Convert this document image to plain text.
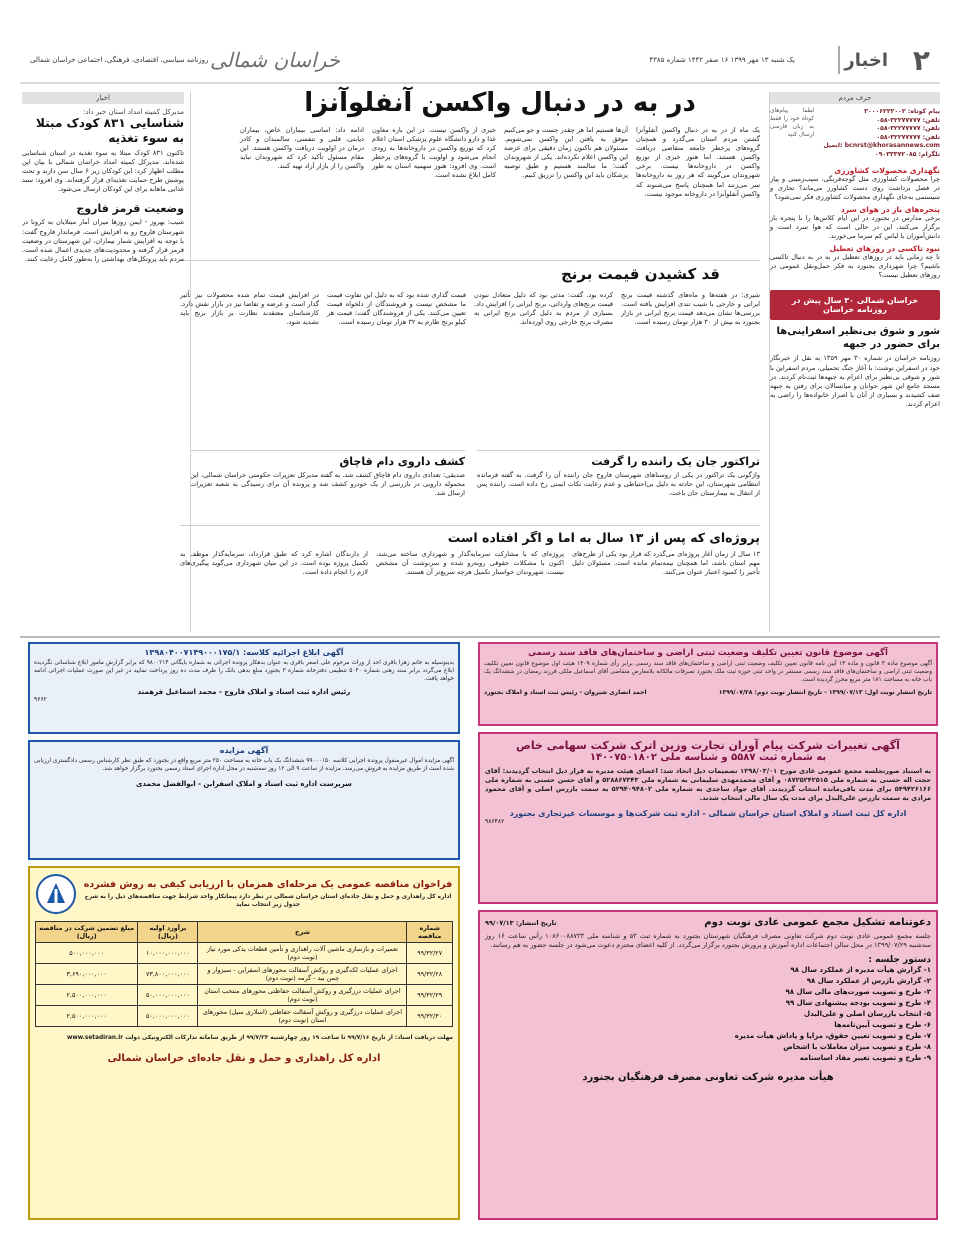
۲
اخبار
یک شنبه ۱۳ مهر ۱۳۹۹ ۱۶ صفر ۱۴۴۲ شماره ۴۳۸۵
خراسان شمالی
روزنامه سیاسی، اقتصادی، فرهنگی، اجتماعی خراسان شمالی
حرف مردم
پیام کوتاه: ۳۰۰۰۶۲۲۲۰۰۲
تلفن: ۳۲۲۷۷۷۷۷-۰۵۸
تلفن: ۳۲۲۷۷۷۷۷-۰۵۸
تلفن: ۳۲۲۷۷۷۷۷-۰۵۸
ایمیل: bcnrst@khorasannews.com
تلگرام: ۰۹۰۳۳۳۷۲۰۸۵
لطفا پیام‌های کوتاه خود را فقط به زبان فارسی ارسال کنید
نگهداری محصولات کشاورزی
چرا محصولات کشاورزی مثل گوجه‌فرنگی، سیب‌زمینی و پیاز در فصل برداشت روی دست کشاورز می‌ماند؟ تجاری و سیستمی به‌جای نگهداری محصولات کشاورزی فکر نمی‌شود؟
پنجره‌های باز در هوای سرد
برخی مدارس در بجنورد در این ایام کلاس‌ها را با پنجره باز برگزار می‌کنند. این در حالی است که هوا سرد است و دانش‌آموزان با لباس کم سرما می‌خورند.
نبود تاکسی در روزهای تعطیل
تا چه زمانی باید در روزهای تعطیل در به در به دنبال تاکسی باشیم؟ چرا شهرداری بجنورد به فکر حمل‌ونقل عمومی در روزهای تعطیل نیست؟
خراسان شمالی ۳۰ سال پیش در روزنامه خراسان
شور و شوق بی‌نظیر اسفراینی‌ها برای حضور در جبهه
روزنامه خراسان در شماره ۳۰ مهر ۱۳۵۹ به نقل از خبرنگار خود در اسفراین نوشت: با آغاز جنگ تحمیلی، مردم اسفراین با شور و شوقی بی‌نظیر برای اعزام به جبهه‌ها ثبت‌نام کردند. در مسجد جامع این شهر جوانان و میانسالان برای رفتن به جبهه صف کشیدند و بسیاری از آنان با اصرار خانواده‌ها را راضی به اعزام کردند.
در به در دنبال واکسن آنفلوآنزا
یک ماه از در به در دنبال واکسن آنفلوآنزا گشتن مردم استان می‌گذرد و همچنان گروه‌های پرخطر جامعه متقاضی دریافت واکسن هستند. اما هنوز خبری از توزیع واکسن در داروخانه‌ها نیست. برخی شهروندان می‌گویند که هر روز به داروخانه‌ها سر می‌زنند اما همچنان پاسخ می‌شنوند که واکسن آنفلوآنزا در داروخانه موجود نیست.
آن‌ها هستیم اما هر چقدر جست و جو می‌کنیم موفق به یافتن این واکسن نمی‌شویم. مسئولان هم تاکنون زمان دقیقی برای عرضه این واکسن اعلام نکرده‌اند. یکی از شهروندان گفت: ما سالمند هستیم و طبق توصیه پزشکان باید این واکسن را تزریق کنیم.
خبری از واکسن نیست. در این باره معاون غذا و دارو دانشگاه علوم پزشکی استان اعلام کرد که توزیع واکسن در داروخانه‌ها به زودی انجام می‌شود و اولویت با گروه‌های پرخطر است. وی افزود: هنوز سهمیه استان به طور کامل ابلاغ نشده است.
ادامه داد: اساسی بیماران خاص، بیماران دیابتی، قلبی و تنفسی، سالمندان و کادر درمان در اولویت دریافت واکسن هستند. این مقام مسئول تأکید کرد که شهروندان نباید واکسن را از بازار آزاد تهیه کنند.
قد کشیدن قیمت برنج
شیری: در هفته‌ها و ماه‌های گذشته قیمت برنج ایرانی و خارجی با شیب تندی افزایش یافته است. بررسی‌ها نشان می‌دهد قیمت برنج ایرانی در بازار بجنورد به بیش از ۳۰ هزار تومان رسیده است.
کرده بود. گفت: مدتی بود که دلیل متعادل نبودن قیمت برنج‌های وارداتی، برنج ایرانی را افزایش داد. بسیاری از مردم به دلیل گرانی برنج ایرانی به مصرف برنج خارجی روی آورده‌اند.
قیمت گذاری شده بود که به دلیل این تفاوت قیمت ما مشخص نیست و فروشندگان از دلخواه قیمت تعیین می‌کنند. یکی از فروشندگان گفت: قیمت هر کیلو برنج طارم به ۳۲ هزار تومان رسیده است.
در افزایش قیمت تمام شده محصولات نیز تأثیر گذار است و عرضه و تقاضا نیز در بازار نقش دارد. کارشناسان معتقدند نظارت بر بازار برنج باید تشدید شود.
تراکتور جان یک راننده را گرفت
واژگونی یک تراکتور در یکی از روستاهای شهرستان فاروج جان راننده آن را گرفت. به گفته فرمانده انتظامی شهرستان، این حادثه به دلیل بی‌احتیاطی و عدم رعایت نکات ایمنی رخ داده است. راننده پس از انتقال به بیمارستان جان باخت.
کشف داروی دام قاچاق
صدیقی: تعدادی داروی دام قاچاق کشف شد. به گفته مدیرکل تعزیرات حکومتی خراسان شمالی، این محموله دارویی در بازرسی از یک خودرو کشف شد و پرونده آن برای رسیدگی به شعبه تعزیرات ارسال شد.
پروژه‌ای که پس از ۱۳ سال به اما و اگر افتاده است
۱۳ سال از زمان آغاز پروژه‌ای می‌گذرد که قرار بود یکی از طرح‌های مهم استان باشد، اما همچنان نیمه‌تمام مانده است. مسئولان دلیل تأخیر را کمبود اعتبار عنوان می‌کنند.
پروژه‌ای که با مشارکت سرمایه‌گذار و شهرداری ساخته می‌شد، اکنون با مشکلات حقوقی روبه‌رو شده و سرنوشت آن مشخص نیست. شهروندان خواستار تکمیل هرچه سریع‌تر آن هستند.
از دارندگان اشاره کرد که طبق قرارداد، سرمایه‌گذار موظف به تکمیل پروژه بوده است. در این میان شهرداری می‌گوید پیگیری‌های لازم را انجام داده است.
اخبار
مدیرکل کمیته امداد استان خبر داد:
شناسایی ۸۳۱ کودک مبتلا به سوء تغذیه
تاکنون ۸۳۱ کودک مبتلا به سوء تغذیه در استان شناسایی شده‌اند. مدیرکل کمیته امداد خراسان شمالی با بیان این مطلب اظهار کرد: این کودکان زیر ۶ سال سن دارند و تحت پوشش طرح حمایت تغذیه‌ای قرار گرفته‌اند. وی افزود: سبد غذایی ماهانه برای این کودکان ارسال می‌شود.
وضعیت قرمز فاروج
شیب: بهروز - ایمن روزها میزان آمار مبتلایان به کرونا در شهرستان فاروج رو به افزایش است. فرماندار فاروج گفت: با توجه به افزایش شمار بیماران، این شهرستان در وضعیت قرمز قرار گرفته و محدودیت‌های جدیدی اعمال شده است. مردم باید پروتکل‌های بهداشتی را به‌طور کامل رعایت کنند.
آگهی ابلاغ اجرائیه کلاسه: ۱۳۹۸۰۴۰۰۷۱۴۹۰۰۰۱۷۵/۱
بدینوسیله به خانم زهرا باقری احد از وراث مرحوم علی اصغر باقری به عنوان بدهکار پرونده اجرائی به شماره بایگانی ۹۸۰۰۲۱۴ که برابر گزارش مامور ابلاغ شناسائی نگردیده ابلاغ می‌گردد برابر سند رهنی شماره ۵۰۴۰ تنظیمی دفترخانه شماره ۳ بجنورد مبلغ بدهی بانک را ظرف مدت ده روز پرداخت نمایید در غیر این صورت عملیات اجرائی ادامه خواهد یافت.
رئیس اداره ثبت اسناد و املاک فاروج - محمد اسماعیل فرهمند
۹۶۶۲
آگهی مزایده
آگهی مزایده اموال غیرمنقول پرونده اجرایی کلاسه ۹۹۰۰۰۱۵۰ ششدانگ یک باب خانه به مساحت ۲۵۰ متر مربع واقع در بجنورد که طبق نظر کارشناس رسمی دادگستری ارزیابی شده است از طریق مزایده به فروش می‌رسد. مزایده از ساعت ۹ الی ۱۲ روز سه‌شنبه در محل اداره اجرای اسناد رسمی بجنورد برگزار خواهد شد.
سرپرست اداره ثبت اسناد و املاک اسفراین - ابوالفضل محمدی
فراخوان مناقصه عمومی یک مرحله‌ای همزمان با ارزیابی کیفی به روش فشرده
اداره کل راهداری و حمل و نقل جاده‌ای استان خراسان شمالی در نظر دارد پیمانکار واجد شرایط جهت مناقصه‌های ذیل را به شرح جدول زیر انتخاب نماید
شماره مناقصه	شرح	برآورد اولیه (ریال)	مبلغ تضمین شرکت در مناقصه (ریال)
۹۹/۳۲/۲۷	تعمیرات و بازسازی ماشین آلات راهداری و تأمین قطعات یدکی مورد نیاز (نوبت دوم)	۱۰,۰۰۰,۰۰۰,۰۰۰	۵۰۰,۰۰۰,۰۰۰
۹۹/۳۲/۲۸	اجرای عملیات لکه‌گیری و روکش آسفالت محورهای اسفراین - سبزوار و چمن بید - گرمه (نوبت دوم)	۷۳,۸۰۰,۰۰۰,۰۰۰	۳,۶۹۰,۰۰۰,۰۰۰
۹۹/۳۲/۲۹	اجرای عملیات درزگیری و روکش آسفالت حفاظتی محورهای منتخب استان (نوبت دوم)	۵۰,۰۰۰,۰۰۰,۰۰۰	۲,۵۰۰,۰۰۰,۰۰۰
۹۹/۳۲/۳۰	اجرای عملیات درزگیری و روکش آسفالت حفاظتی (اسلاری سیل) محورهای استان (نوبت دوم)	۵۰,۰۰۰,۰۰۰,۰۰۰	۲,۵۰۰,۰۰۰,۰۰۰
مهلت دریافت اسناد: از تاریخ ۹۹/۷/۱۶ تا ساعت ۱۹ روز چهارشنبه ۹۹/۷/۲۳ از طریق سامانه تدارکات الکترونیکی دولت www.setadiran.ir
اداره کل راهداری و حمل و نقل جاده‌ای خراسان شمالی
آگهی موضوع قانون تعیین تکلیف وضعیت ثبتی اراضی و ساختمان‌های فاقد سند رسمی
آگهی موضوع ماده ۳ قانون و ماده ۱۳ آیین نامه قانون تعیین تکلیف وضعیت ثبتی اراضی و ساختمان‌های فاقد سند رسمی برابر رأی شماره ۱۴۰۹ هیئت اول موضوع قانون تعیین تکلیف وضعیت ثبتی اراضی و ساختمان‌های فاقد سند رسمی مستقر در واحد ثبتی حوزه ثبت ملک بجنورد تصرفات مالکانه بلامعارض متقاضی آقای اسماعیل ملکی فرزند رمضان در ششدانگ یک باب خانه به مساحت ۱۸۱ متر مربع محرز گردیده است.
تاریخ انتشار نوبت اول: ۱۳۹۹/۰۷/۱۳ - تاریخ انتشار نوبت دوم: ۱۳۹۹/۰۷/۲۸
احمد انصاری شیروان - رئیس ثبت اسناد و املاک بجنورد
آگهی تغییرات شرکت پیام آوران تجارت وزین اترک شرکت سهامی خاص
به شماره ثبت ۵۵۸۷ و شناسه ملی ۱۴۰۰۷۵۰۱۸۰۲
به استناد صورتجلسه مجمع عمومی عادی مورخ ۱۳۹۸/۰۳/۰۱ تصمیمات ذیل اتخاذ شد: اعضای هیئت مدیره به قرار ذیل انتخاب گردیدند: آقای حجت اله حسنی به شماره ملی ۰۸۷۲۵۲۴۲۵۱۵ و آقای محمدمهدی سلیمانی به شماره ملی ۵۲۸۸۶۷۳۴۳ و آقای حسن حسنی به شماره ملی ۵۴۹۴۲۶۱۶۶ برای مدت باقی‌مانده انتخاب گردیدند. آقای جواد ساجدی به شماره ملی ۵۲۹۴۰۹۴۸۰۲ به سمت بازرس اصلی و آقای محمود مرادی به سمت بازرس علی‌البدل برای مدت یک سال مالی انتخاب شدند.
اداره کل ثبت اسناد و املاک استان خراسان شمالی - اداره ثبت شرکت‌ها و موسسات غیرتجاری بجنورد
۹۸۶۴۸۲
دعوتنامه تشکیل مجمع عمومی عادی نوبت دوم
تاریخ انتشار: ۹۹/۰۷/۱۳
جلسه مجمع عمومی عادی نوبت دوم شرکت تعاونی مصرف فرهنگیان شهرستان بجنورد به شماره ثبت ۵۳ و شناسه ملی ۱۰۸۶۰۰۸۸۷۳۳ رأس ساعت ۱۶ روز سه‌شنبه ۱۳۹۹/۰۷/۲۹ در محل سالن اجتماعات اداره آموزش و پرورش بجنورد برگزار می‌گردد. از کلیه اعضای محترم دعوت می‌شود در جلسه حضور به هم رسانند.
دستور جلسه :
۱- گزارش هیأت مدیره از عملکرد سال ۹۸
۲- گزارش بازرس از عملکرد سال ۹۸
۳- طرح و تصویب صورت‌های مالی سال ۹۸
۴- طرح و تصویب بودجه پیشنهادی سال ۹۹
۵- انتخاب بازرسان اصلی و علی‌البدل
۶- طرح و تصویب آیین‌نامه‌ها
۷- طرح و تصویب تعیین حقوق، مزایا و پاداش هیأت مدیره
۸- طرح و تصویب میزان معاملات با اشخاص
۹- طرح و تصویب تغییر مفاد اساسنامه
هیأت مدیره شرکت تعاونی مصرف فرهنگیان بجنورد
